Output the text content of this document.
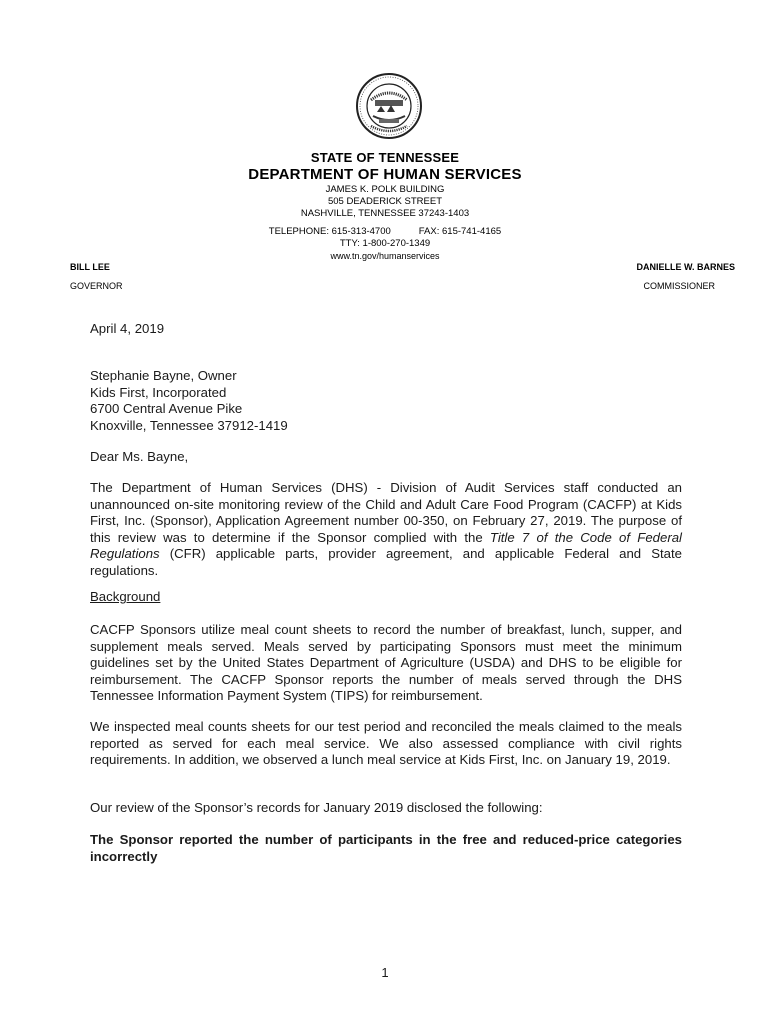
STATE OF TENNESSEE
DEPARTMENT OF HUMAN SERVICES
JAMES K. POLK BUILDING
505 DEADERICK STREET
NASHVILLE, TENNESSEE 37243-1403
TELEPHONE: 615-313-4700	FAX: 615-741-4165
TTY: 1-800-270-1349
www.tn.gov/humanservices
BILL LEE
GOVERNOR
DANIELLE W. BARNES
COMMISSIONER
April 4, 2019
Stephanie Bayne, Owner
Kids First, Incorporated
6700 Central Avenue Pike
Knoxville, Tennessee 37912-1419
Dear Ms. Bayne,
The Department of Human Services (DHS) - Division of Audit Services staff conducted an unannounced on-site monitoring review of the Child and Adult Care Food Program (CACFP) at Kids First, Inc. (Sponsor), Application Agreement number 00-350, on February 27, 2019. The purpose of this review was to determine if the Sponsor complied with the Title 7 of the Code of Federal Regulations (CFR) applicable parts, provider agreement, and applicable Federal and State regulations.
Background
CACFP Sponsors utilize meal count sheets to record the number of breakfast, lunch, supper, and supplement meals served. Meals served by participating Sponsors must meet the minimum guidelines set by the United States Department of Agriculture (USDA) and DHS to be eligible for reimbursement. The CACFP Sponsor reports the number of meals served through the DHS Tennessee Information Payment System (TIPS) for reimbursement.
We inspected meal counts sheets for our test period and reconciled the meals claimed to the meals reported as served for each meal service. We also assessed compliance with civil rights requirements. In addition, we observed a lunch meal service at Kids First, Inc. on January 19, 2019.
Our review of the Sponsor’s records for January 2019 disclosed the following:
The Sponsor reported the number of participants in the free and reduced-price categories incorrectly
1
